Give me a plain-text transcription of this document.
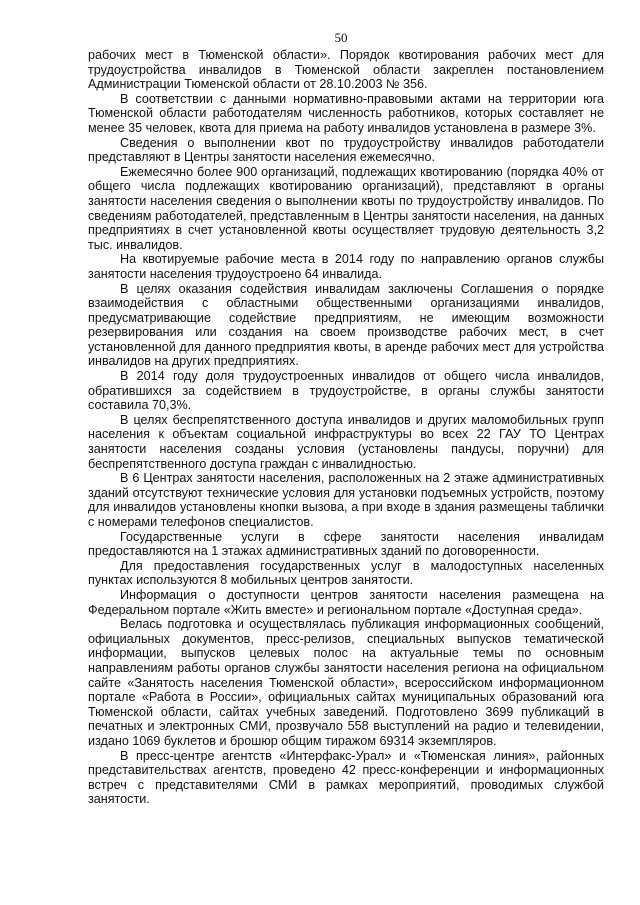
50

рабочих мест в Тюменской области». Порядок квотирования рабочих мест для трудоустройства инвалидов в Тюменской области закреплен постановлением Администрации Тюменской области от 28.10.2003 № 356.

В соответствии с данными нормативно-правовыми актами на территории юга Тюменской области работодателям численность работников, которых составляет не менее 35 человек, квота для приема на работу инвалидов установлена в размере 3%.

Сведения о выполнении квот по трудоустройству инвалидов работодатели представляют в Центры занятости населения ежемесячно.

Ежемесячно более 900 организаций, подлежащих квотированию (порядка 40% от общего числа подлежащих квотированию организаций), представляют в органы занятости населения сведения о выполнении квоты по трудоустройству инвалидов. По сведениям работодателей, представленным в Центры занятости населения, на данных предприятиях в счет установленной квоты осуществляет трудовую деятельность 3,2 тыс. инвалидов.

На квотируемые рабочие места в 2014 году по направлению органов службы занятости населения трудоустроено 64 инвалида.

В целях оказания содействия инвалидам заключены Соглашения о порядке взаимодействия с областными общественными организациями инвалидов, предусматривающие содействие предприятиям, не имеющим возможности резервирования или создания на своем производстве рабочих мест, в счет установленной для данного предприятия квоты, в аренде рабочих мест для устройства инвалидов на других предприятиях.

В 2014 году доля трудоустроенных инвалидов от общего числа инвалидов, обратившихся за содействием в трудоустройстве, в органы службы занятости составила 70,3%.

В целях беспрепятственного доступа инвалидов и других маломобильных групп населения к объектам социальной инфраструктуры во всех 22 ГАУ ТО Центрах занятости населения созданы условия (установлены пандусы, поручни) для беспрепятственного доступа граждан с инвалидностью.

В 6 Центрах занятости населения, расположенных на 2 этаже административных зданий отсутствуют технические условия для установки подъемных устройств, поэтому для инвалидов установлены кнопки вызова, а при входе в здания размещены таблички с номерами телефонов специалистов.

Государственные услуги в сфере занятости населения инвалидам предоставляются на 1 этажах административных зданий по договоренности.

Для предоставления государственных услуг в малодоступных населенных пунктах используются 8 мобильных центров занятости.

Информация о доступности центров занятости населения размещена на Федеральном портале «Жить вместе» и региональном портале «Доступная среда».

Велась подготовка и осуществлялась публикация информационных сообщений, официальных документов, пресс-релизов, специальных выпусков тематической информации, выпусков целевых полос на актуальные темы по основным направлениям работы органов службы занятости населения региона на официальном сайте «Занятость населения Тюменской области», всероссийском информационном портале «Работа в России», официальных сайтах муниципальных образований юга Тюменской области, сайтах учебных заведений. Подготовлено 3699 публикаций в печатных и электронных СМИ, прозвучало 558 выступлений на радио и телевидении, издано 1069 буклетов и брошюр общим тиражом 69314 экземпляров.

В пресс-центре агентств «Интерфакс-Урал» и «Тюменская линия», районных представительствах агентств, проведено 42 пресс-конференции и информационных встреч с представителями СМИ в рамках мероприятий, проводимых службой занятости.
